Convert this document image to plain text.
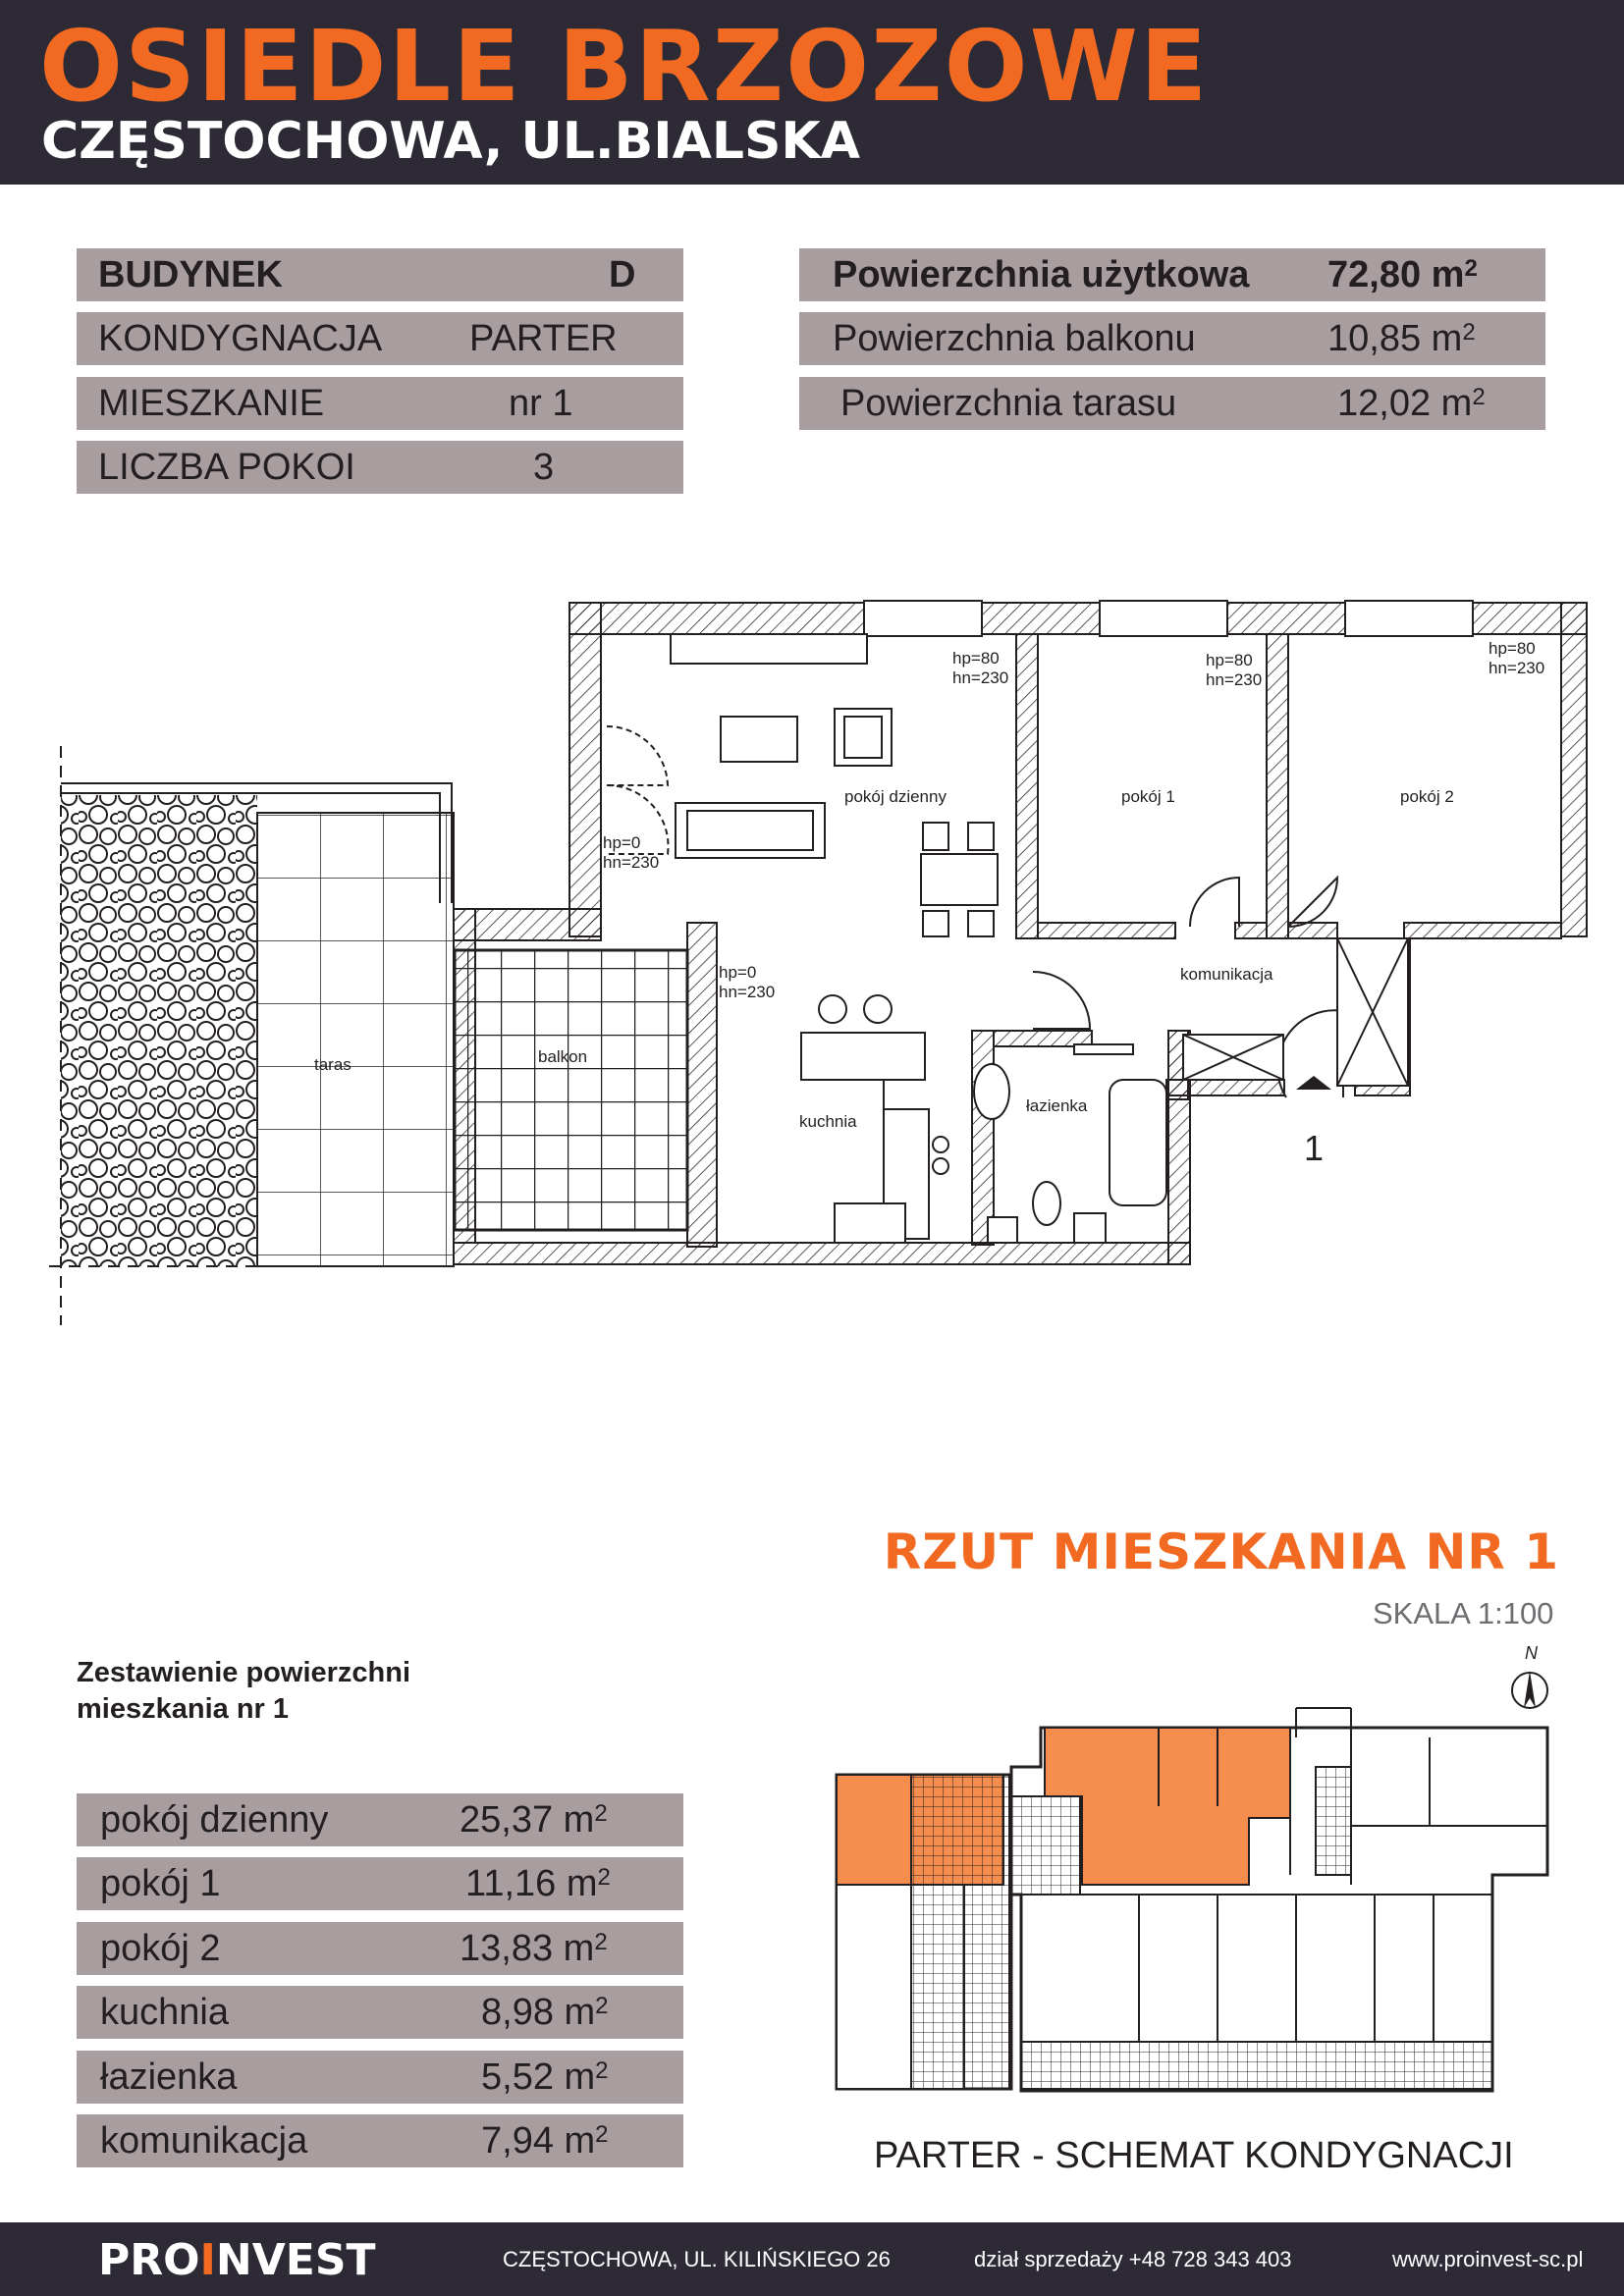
OSIEDLE BRZOZOWE
CZĘSTOCHOWA, UL.BIALSKA
BUDYNEK	D
KONDYGNACJA PARTER
MIESZKANIE	nr 1
LICZBA POKOI	3
Powierzchnia użytkowa 72,80 $m^2$
Powierzchnia balkonu	10,85 $m^2$
Powierzchnia tarasu	12,02 $m^2$
pokój dzienny	pokój 1	pokój 2
komunikacja
łazienka
kuchnia
taras	balkon
hp=80
hn=230
hp=80
hn=230
hp=80
hn=230
hp=0
hn=230
hp=0
hn=230
1
RZUT MIESZKANIA NR 1
SKALA 1:100
Zestawienie powierzchni
mieszkania nr 1
pokój dzienny	25,37 $m^2$
pokój 1	11,16 $m^2$
pokój 2	13,83 $m^2$
kuchnia	8,98 $m^2$
łazienka	5,52 $m^2$
komunikacja	7,94 $m^2$
N
PARTER - SCHEMAT KONDYGNACJI
CZĘSTOCHOWA, UL. KILIŃSKIEGO 26	dział sprzedaży +48 728 343 403	www.proinvest-sc.pl
PROINVEST
